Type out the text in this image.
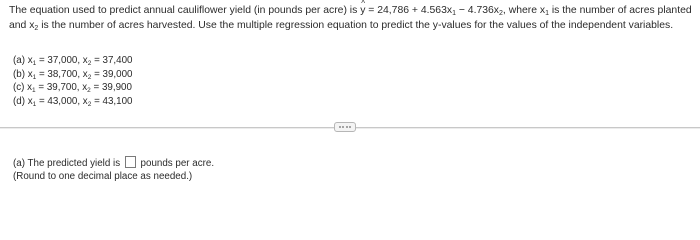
The equation used to predict annual cauliflower yield (in pounds per acre) is ^ $y = 24,786 + 4.563x_1 - 4.736x_2$, where $x_1$ is the number of acres planted and $x_2$ is the number of acres harvested. Use the multiple regression equation to predict the y-values for the values of the independent variables.
(a) $x_1 = 37,000$, $x_2 = 37,400$
(b) $x_1 = 38,700$, $x_2 = 39,000$
(c) $x_1 = 39,700$, $x_2 = 39,900$
(d) $x_1 = 43,000$, $x_2 = 43,100$
(a) The predicted yield is  pounds per acre.
(Round to one decimal place as needed.)
